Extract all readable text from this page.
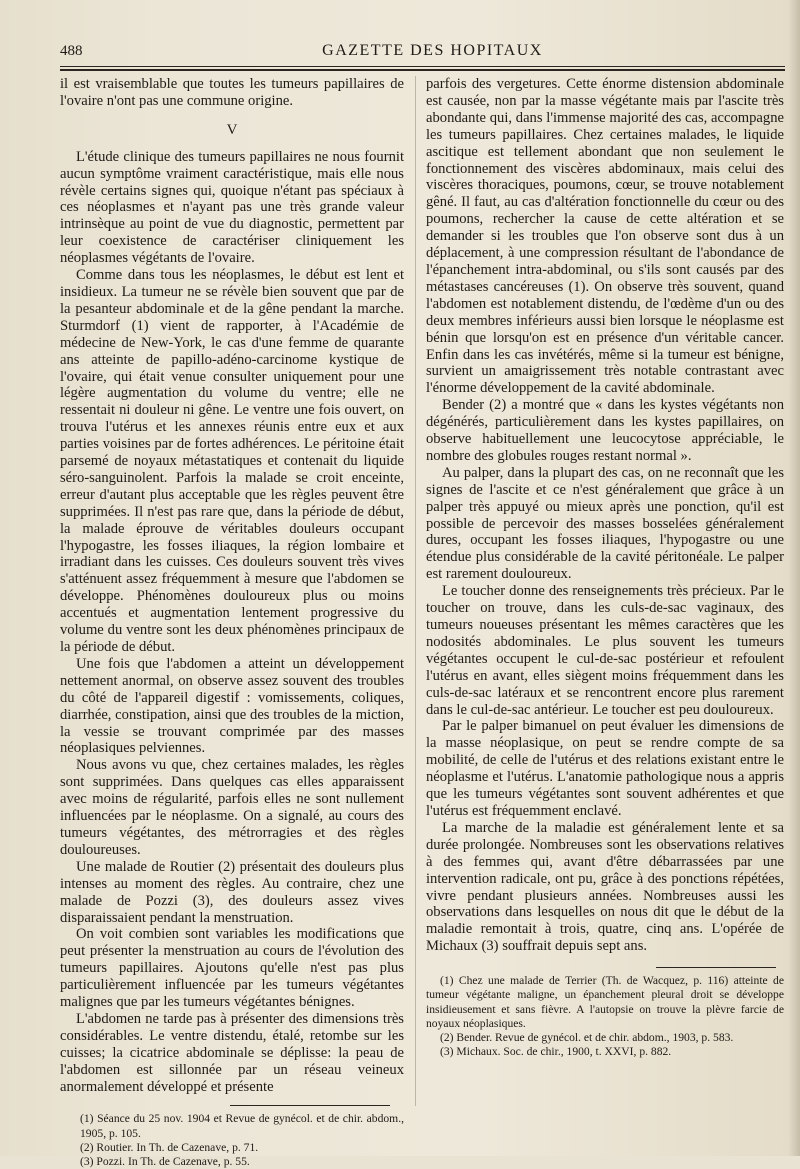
488	GAZETTE DES HOPITAUX

il est vraisemblable que toutes les tumeurs papillaires de l'ovaire n'ont pas une commune origine.

V

L'étude clinique des tumeurs papillaires ne nous fournit aucun symptôme vraiment caractéristique, mais elle nous révèle certains signes qui, quoique n'étant pas spéciaux à ces néoplasmes et n'ayant pas une très grande valeur intrinsèque au point de vue du diagnostic, permettent par leur coexistence de caractériser cliniquement les néoplasmes végétants de l'ovaire.

Comme dans tous les néoplasmes, le début est lent et insidieux. La tumeur ne se révèle bien souvent que par de la pesanteur abdominale et de la gêne pendant la marche. Sturmdorf (1) vient de rapporter, à l'Académie de médecine de New-York, le cas d'une femme de quarante ans atteinte de papillo-adéno-carcinome kystique de l'ovaire, qui était venue consulter uniquement pour une légère augmentation du volume du ventre; elle ne ressentait ni douleur ni gêne. Le ventre une fois ouvert, on trouva l'utérus et les annexes réunis entre eux et aux parties voisines par de fortes adhérences. Le péritoine était parsemé de noyaux métastatiques et contenait du liquide séro-sanguinolent. Parfois la malade se croit enceinte, erreur d'autant plus acceptable que les règles peuvent être supprimées. Il n'est pas rare que, dans la période de début, la malade éprouve de véritables douleurs occupant l'hypogastre, les fosses iliaques, la région lombaire et irradiant dans les cuisses. Ces douleurs souvent très vives s'atténuent assez fréquemment à mesure que l'abdomen se développe. Phénomènes douloureux plus ou moins accentués et augmentation lentement progressive du volume du ventre sont les deux phénomènes principaux de la période de début.

Une fois que l'abdomen a atteint un développement nettement anormal, on observe assez souvent des troubles du côté de l'appareil digestif : vomissements, coliques, diarrhée, constipation, ainsi que des troubles de la miction, la vessie se trouvant comprimée par des masses néoplasiques pelviennes.

Nous avons vu que, chez certaines malades, les règles sont supprimées. Dans quelques cas elles apparaissent avec moins de régularité, parfois elles ne sont nullement influencées par le néoplasme. On a signalé, au cours des tumeurs végétantes, des métrorragies et des règles douloureuses.

Une malade de Routier (2) présentait des douleurs plus intenses au moment des règles. Au contraire, chez une malade de Pozzi (3), des douleurs assez vives disparaissaient pendant la menstruation.

On voit combien sont variables les modifications que peut présenter la menstruation au cours de l'évolution des tumeurs papillaires. Ajoutons qu'elle n'est pas plus particulièrement influencée par les tumeurs végétantes malignes que par les tumeurs végétantes bénignes.

L'abdomen ne tarde pas à présenter des dimensions très considérables. Le ventre distendu, étalé, retombe sur les cuisses; la cicatrice abdominale se déplisse: la peau de l'abdomen est sillonnée par un réseau veineux anormalement développé et présente

(1) Séance du 25 nov. 1904 et Revue de gynécol. et de chir. abdom., 1905, p. 105.
(2) Routier. In Th. de Cazenave, p. 71.
(3) Pozzi. In Th. de Cazenave, p. 55.

parfois des vergetures. Cette énorme distension abdominale est causée, non par la masse végétante mais par l'ascite très abondante qui, dans l'immense majorité des cas, accompagne les tumeurs papillaires. Chez certaines malades, le liquide ascitique est tellement abondant que non seulement le fonctionnement des viscères abdominaux, mais celui des viscères thoraciques, poumons, cœur, se trouve notablement gêné. Il faut, au cas d'altération fonctionnelle du cœur ou des poumons, rechercher la cause de cette altération et se demander si les troubles que l'on observe sont dus à un déplacement, à une compression résultant de l'abondance de l'épanchement intra-abdominal, ou s'ils sont causés par des métastases cancéreuses (1). On observe très souvent, quand l'abdomen est notablement distendu, de l'œdème d'un ou des deux membres inférieurs aussi bien lorsque le néoplasme est bénin que lorsqu'on est en présence d'un véritable cancer. Enfin dans les cas invétérés, même si la tumeur est bénigne, survient un amaigrissement très notable contrastant avec l'énorme développement de la cavité abdominale.

Bender (2) a montré que « dans les kystes végétants non dégénérés, particulièrement dans les kystes papillaires, on observe habituellement une leucocytose appréciable, le nombre des globules rouges restant normal ».

Au palper, dans la plupart des cas, on ne reconnaît que les signes de l'ascite et ce n'est généralement que grâce à un palper très appuyé ou mieux après une ponction, qu'il est possible de percevoir des masses bosselées généralement dures, occupant les fosses iliaques, l'hypogastre ou une étendue plus considérable de la cavité péritonéale. Le palper est rarement douloureux.

Le toucher donne des renseignements très précieux. Par le toucher on trouve, dans les culs-de-sac vaginaux, des tumeurs noueuses présentant les mêmes caractères que les nodosités abdominales. Le plus souvent les tumeurs végétantes occupent le cul-de-sac postérieur et refoulent l'utérus en avant, elles siègent moins fréquemment dans les culs-de-sac latéraux et se rencontrent encore plus rarement dans le cul-de-sac antérieur. Le toucher est peu douloureux.

Par le palper bimanuel on peut évaluer les dimensions de la masse néoplasique, on peut se rendre compte de sa mobilité, de celle de l'utérus et des relations existant entre le néoplasme et l'utérus. L'anatomie pathologique nous a appris que les tumeurs végétantes sont souvent adhérentes et que l'utérus est fréquemment enclavé.

La marche de la maladie est généralement lente et sa durée prolongée. Nombreuses sont les observations relatives à des femmes qui, avant d'être débarrassées par une intervention radicale, ont pu, grâce à des ponctions répétées, vivre pendant plusieurs années. Nombreuses aussi les observations dans lesquelles on nous dit que le début de la maladie remontait à trois, quatre, cinq ans. L'opérée de Michaux (3) souffrait depuis sept ans.

(1) Chez une malade de Terrier (Th. de Wacquez, p. 116) atteinte de tumeur végétante maligne, un épanchement pleural droit se développe insidieusement et sans fièvre. A l'autopsie on trouve la plèvre farcie de noyaux néoplasiques.
(2) Bender. Revue de gynécol. et de chir. abdom., 1903, p. 583.
(3) Michaux. Soc. de chir., 1900, t. XXVI, p. 882.
